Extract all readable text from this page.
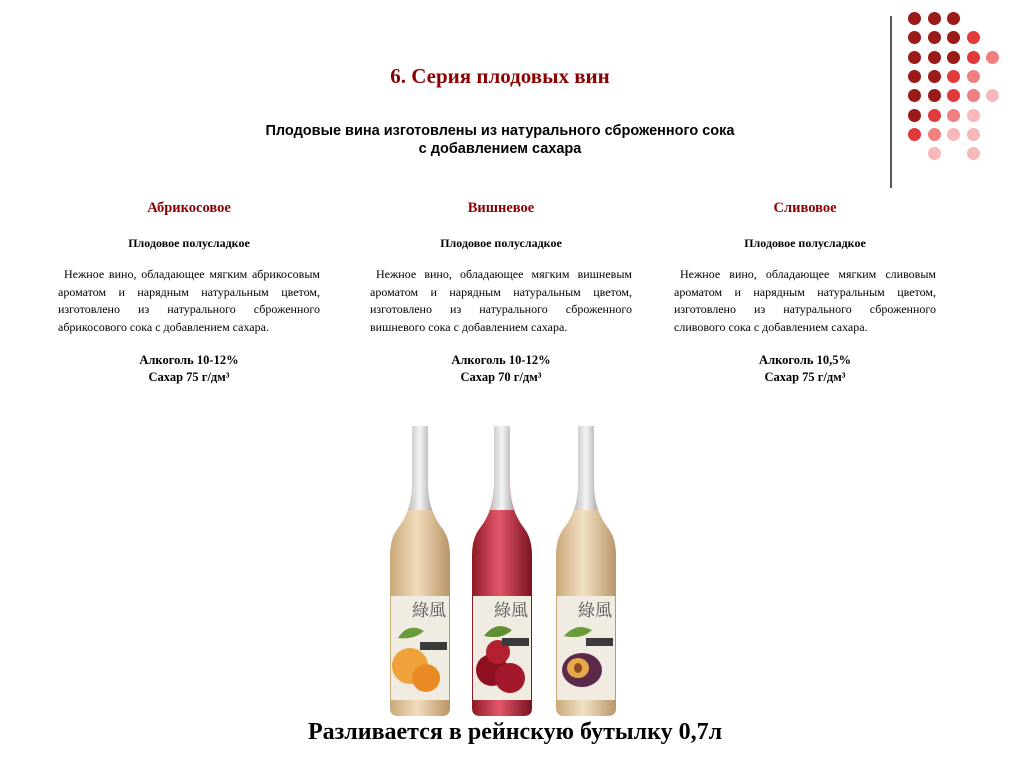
6. Серия плодовых вин
Плодовые вина изготовлены из натурального сброженного сока
с добавлением сахара
Абрикосовое
Плодовое полусладкое
Нежное вино, обладающее мягким абрикосовым ароматом и нарядным натуральным цветом, изготовлено из натурального сброженного абрикосового сока с добавлением сахара.
Алкоголь 10-12%
Сахар 75 г/дм³
Вишневое
Плодовое полусладкое
Нежное вино, обладающее мягким вишневым ароматом и нарядным натуральным цветом, изготовлено из натурального сброженного вишневого сока с добавлением сахара.
Алкоголь 10-12%
Сахар 70 г/дм³
Сливовое
Плодовое полусладкое
Нежное вино, обладающее мягким сливовым ароматом и нарядным натуральным цветом, изготовлено из натурального сброженного сливового сока с добавлением сахара.
Алкоголь 10,5%
Сахар 75 г/дм³
綠風	綠風	綠風
Разливается в рейнскую бутылку 0,7л
